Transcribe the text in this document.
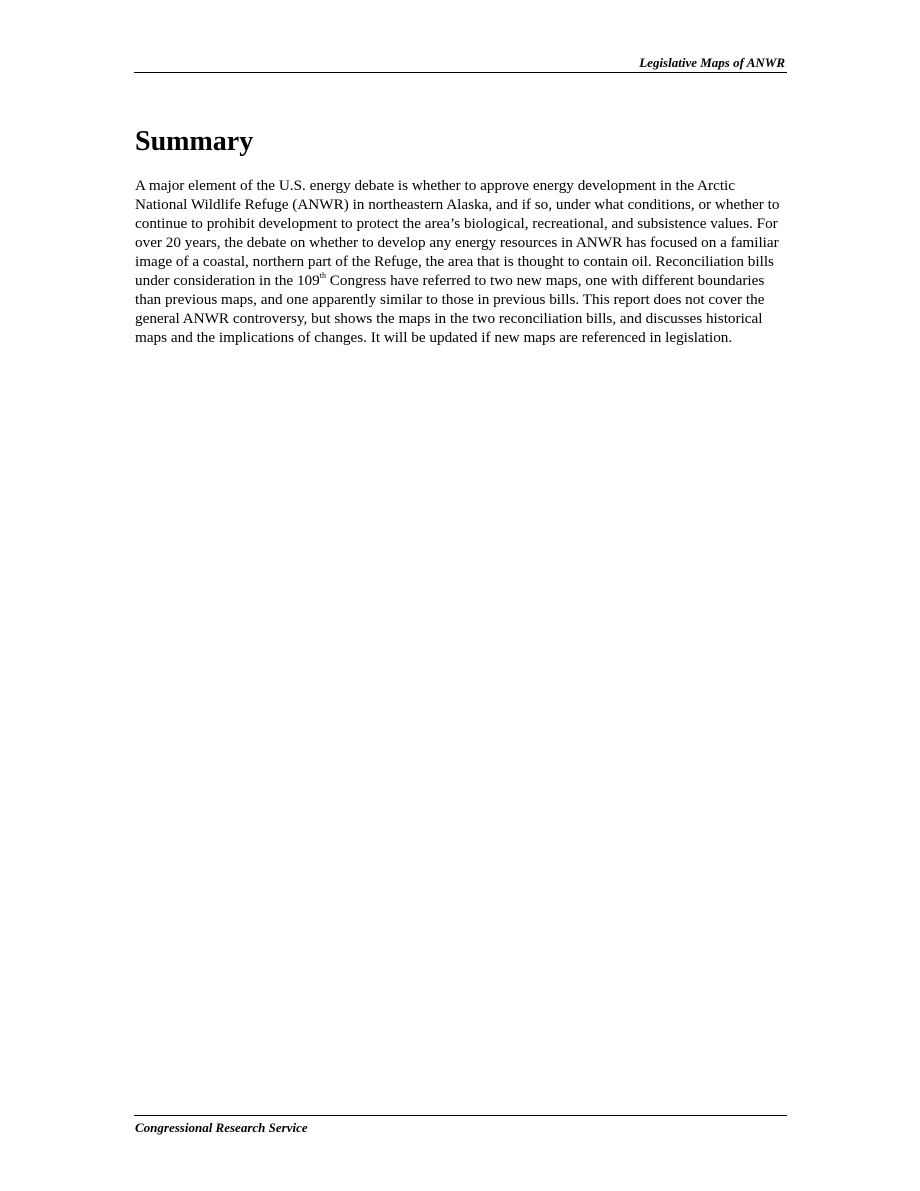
Legislative Maps of ANWR
Summary

A major element of the U.S. energy debate is whether to approve energy development in the Arctic National Wildlife Refuge (ANWR) in northeastern Alaska, and if so, under what conditions, or whether to continue to prohibit development to protect the area’s biological, recreational, and subsistence values. For over 20 years, the debate on whether to develop any energy resources in ANWR has focused on a familiar image of a coastal, northern part of the Refuge, the area that is thought to contain oil. Reconciliation bills under consideration in the 109th Congress have referred to two new maps, one with different boundaries than previous maps, and one apparently similar to those in previous bills. This report does not cover the general ANWR controversy, but shows the maps in the two reconciliation bills, and discusses historical maps and the implications of changes. It will be updated if new maps are referenced in legislation.

Congressional Research Service
